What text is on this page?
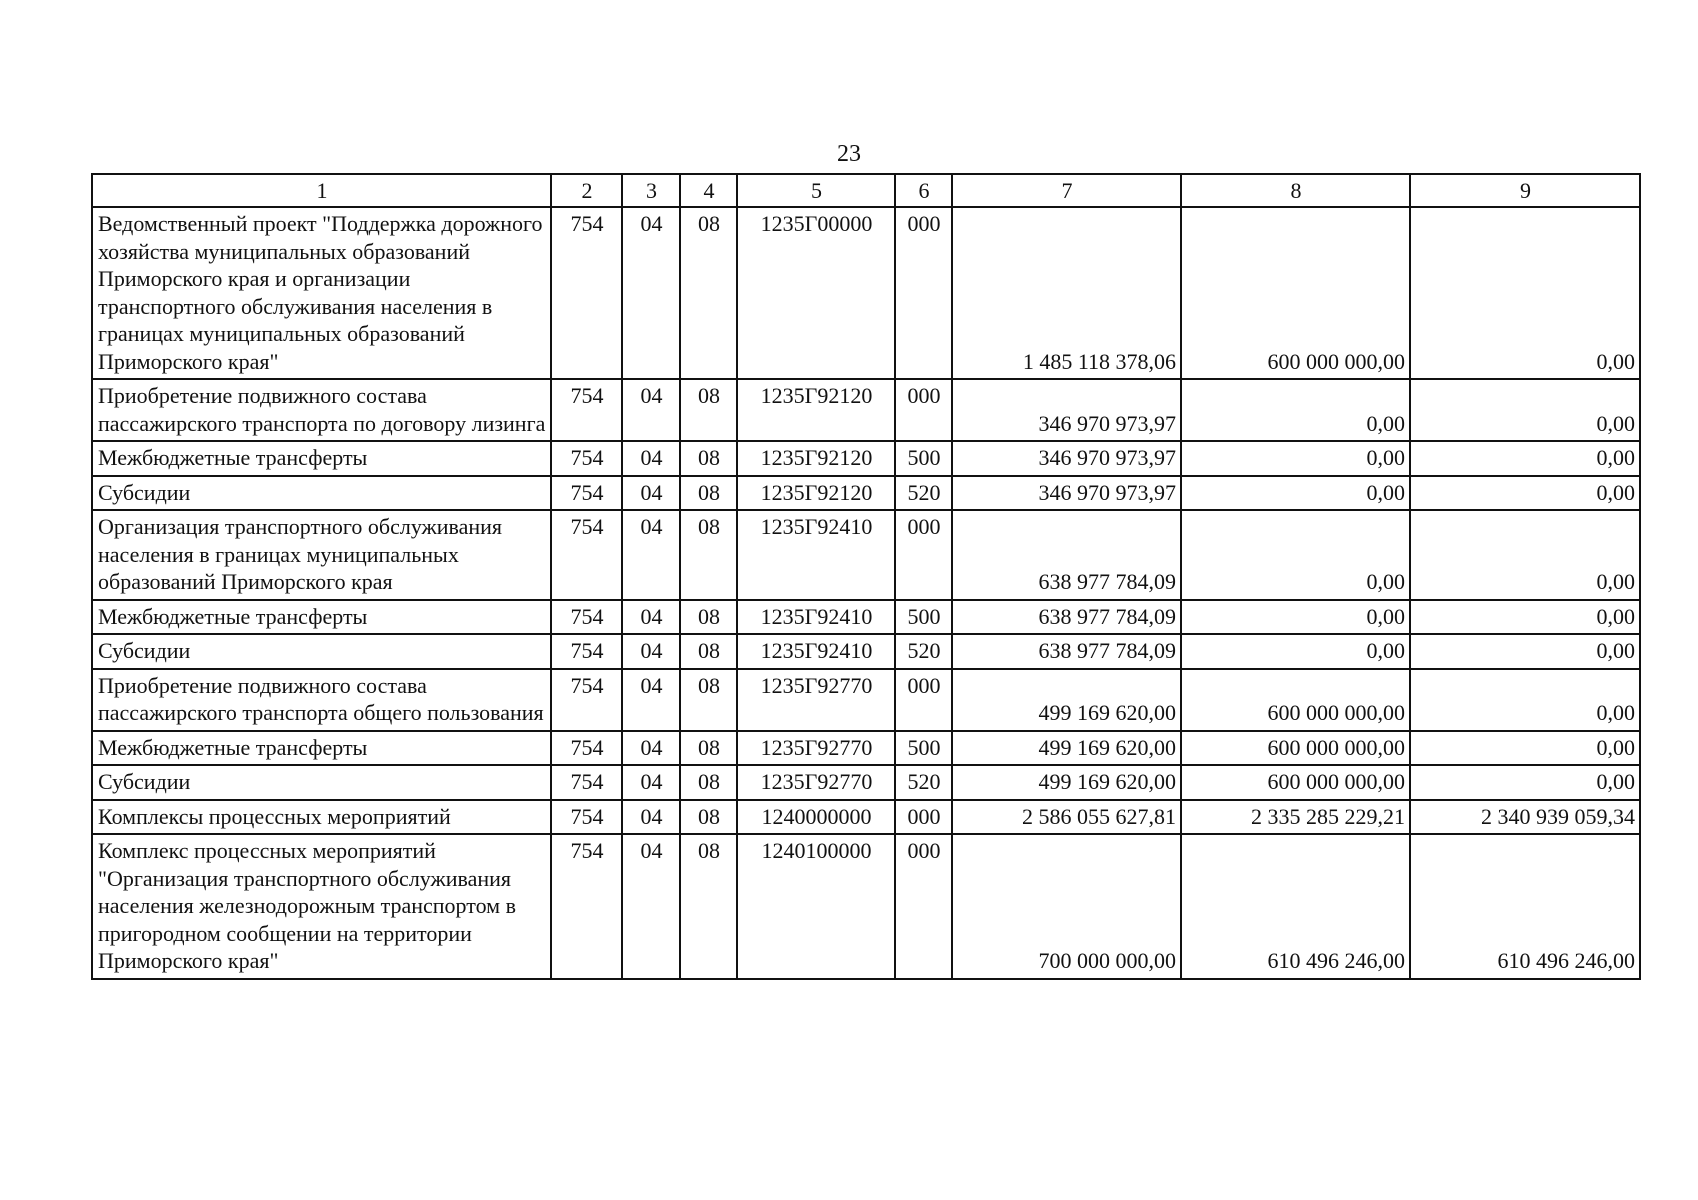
23
1	2	3	4	5	6	7	8	9
Ведомственный проект "Поддержка дорожного хозяйства муниципальных образований Приморского края и организации транспортного обслуживания населения в границах муниципальных образований Приморского края"	754	04	08	1235Г00000	000	1 485 118 378,06	600 000 000,00	0,00
Приобретение подвижного состава пассажирского транспорта по договору лизинга	754	04	08	1235Г92120	000	346 970 973,97	0,00	0,00
Межбюджетные трансферты	754	04	08	1235Г92120	500	346 970 973,97	0,00	0,00
Субсидии	754	04	08	1235Г92120	520	346 970 973,97	0,00	0,00
Организация транспортного обслуживания населения в границах муниципальных образований Приморского края	754	04	08	1235Г92410	000	638 977 784,09	0,00	0,00
Межбюджетные трансферты	754	04	08	1235Г92410	500	638 977 784,09	0,00	0,00
Субсидии	754	04	08	1235Г92410	520	638 977 784,09	0,00	0,00
Приобретение подвижного состава пассажирского транспорта общего пользования	754	04	08	1235Г92770	000	499 169 620,00	600 000 000,00	0,00
Межбюджетные трансферты	754	04	08	1235Г92770	500	499 169 620,00	600 000 000,00	0,00
Субсидии	754	04	08	1235Г92770	520	499 169 620,00	600 000 000,00	0,00
Комплексы процессных мероприятий	754	04	08	1240000000	000	2 586 055 627,81	2 335 285 229,21	2 340 939 059,34
Комплекс процессных мероприятий "Организация транспортного обслуживания населения железнодорожным транспортом в пригородном сообщении на территории Приморского края"	754	04	08	1240100000	000	700 000 000,00	610 496 246,00	610 496 246,00
